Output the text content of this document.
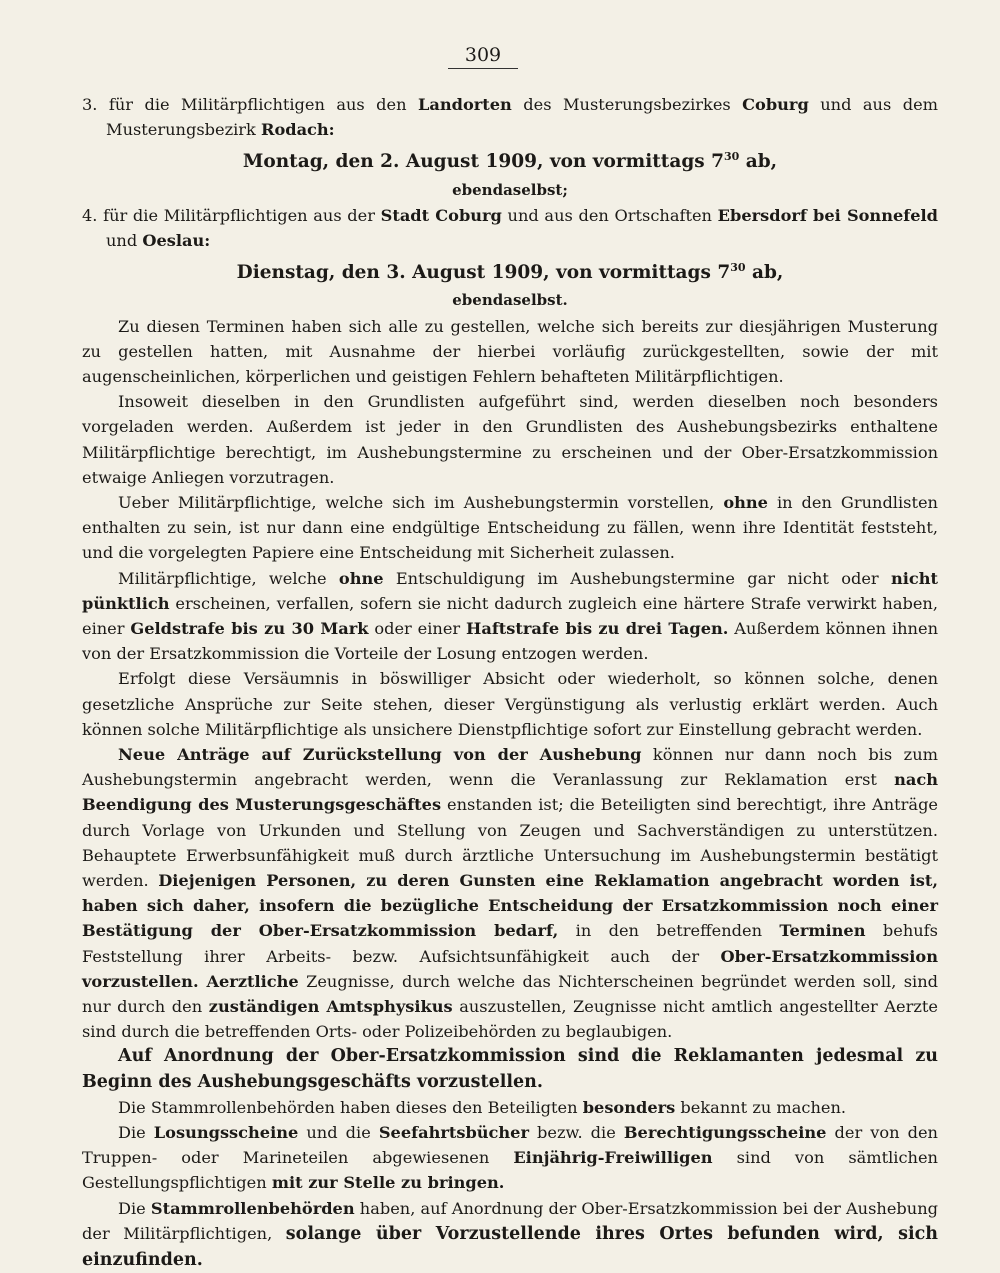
309

3. für die Militärpflichtigen aus den Landorten des Musterungsbezirkes Coburg und aus dem Musterungsbezirk Rodach:

Montag, den 2. August 1909, von vormittags $7^{30}$ ab,

ebendaselbst;

4. für die Militärpflichtigen aus der Stadt Coburg und aus den Ortschaften Ebersdorf bei Sonnefeld und Oeslau:

Dienstag, den 3. August 1909, von vormittags $7^{30}$ ab,

ebendaselbst.

Zu diesen Terminen haben sich alle zu gestellen, welche sich bereits zur diesjährigen Musterung zu gestellen hatten, mit Ausnahme der hierbei vorläufig zurückgestellten, sowie der mit augenscheinlichen, körperlichen und geistigen Fehlern behafteten Militärpflichtigen.

Insoweit dieselben in den Grundlisten aufgeführt sind, werden dieselben noch besonders vorgeladen werden. Außerdem ist jeder in den Grundlisten des Aushebungsbezirks enthaltene Militärpflichtige berechtigt, im Aushebungstermine zu erscheinen und der Ober-Ersatzkommission etwaige Anliegen vorzutragen.

Ueber Militärpflichtige, welche sich im Aushebungstermin vorstellen, ohne in den Grundlisten enthalten zu sein, ist nur dann eine endgültige Entscheidung zu fällen, wenn ihre Identität feststeht, und die vorgelegten Papiere eine Entscheidung mit Sicherheit zulassen.

Militärpflichtige, welche ohne Entschuldigung im Aushebungstermine gar nicht oder nicht pünktlich erscheinen, verfallen, sofern sie nicht dadurch zugleich eine härtere Strafe verwirkt haben, einer Geldstrafe bis zu 30 Mark oder einer Haftstrafe bis zu drei Tagen. Außerdem können ihnen von der Ersatzkommission die Vorteile der Losung entzogen werden.

Erfolgt diese Versäumnis in böswilliger Absicht oder wiederholt, so können solche, denen gesetzliche Ansprüche zur Seite stehen, dieser Vergünstigung als verlustig erklärt werden. Auch können solche Militärpflichtige als unsichere Dienstpflichtige sofort zur Einstellung gebracht werden.

Neue Anträge auf Zurückstellung von der Aushebung können nur dann noch bis zum Aushebungstermin angebracht werden, wenn die Veranlassung zur Reklamation erst nach Beendigung des Musterungsgeschäftes enstanden ist; die Beteiligten sind berechtigt, ihre Anträge durch Vorlage von Urkunden und Stellung von Zeugen und Sachverständigen zu unterstützen. Behauptete Erwerbsunfähigkeit muß durch ärztliche Untersuchung im Aushebungstermin bestätigt werden. Diejenigen Personen, zu deren Gunsten eine Reklamation angebracht worden ist, haben sich daher, insofern die bezügliche Entscheidung der Ersatzkommission noch einer Bestätigung der Ober-Ersatzkommission bedarf, in den betreffenden Terminen behufs Feststellung ihrer Arbeits- bezw. Aufsichtsunfähigkeit auch der Ober-Ersatzkommission vorzustellen. Aerztliche Zeugnisse, durch welche das Nichterscheinen begründet werden soll, sind nur durch den zuständigen Amtsphysikus auszustellen, Zeugnisse nicht amtlich angestellter Aerzte sind durch die betreffenden Orts- oder Polizeibehörden zu beglaubigen.

Auf Anordnung der Ober-Ersatzkommission sind die Reklamanten jedesmal zu Beginn des Aushebungsgeschäfts vorzustellen.

Die Stammrollenbehörden haben dieses den Beteiligten besonders bekannt zu machen.

Die Losungsscheine und die Seefahrtsbücher bezw. die Berechtigungsscheine der von den Truppen- oder Marineteilen abgewiesenen Einjährig-Freiwilligen sind von sämtlichen Gestellungspflichtigen mit zur Stelle zu bringen.

Die Stammrollenbehörden haben, auf Anordnung der Ober-Ersatzkommission bei der Aushebung der Militärpflichtigen, solange über Vorzustellende ihres Ortes befunden wird, sich einzufinden.
